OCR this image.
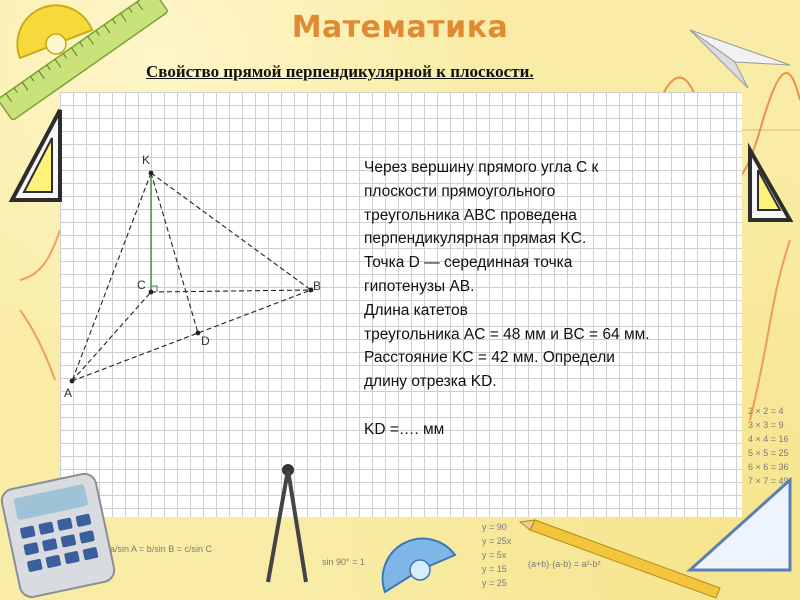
Математика
Свойство прямой перпендикулярной к плоскости.
K
C	B
A
D
Через вершину прямого угла C к
плоскости прямоугольного
треугольника ABC проведена
перпендикулярная прямая KC.
Точка D — серединная точка
гипотенузы AB.
Длина катетов
треугольника AC = 48 мм и BC = 64 мм.
Расстояние KC = 42 мм. Определи
длину отрезка KD.
KD =…. мм
a/sin A = b/sin B = c/sin C
sin 90° = 1
y = 90
y = 25x
y = 5x
y = 15
y = 25
(a+b)·(a-b) = a²-b²
2 × 2 = 4
3 × 3 = 9
4 × 4 = 16
5 × 5 = 25
6 × 6 = 36
7 × 7 = 49
